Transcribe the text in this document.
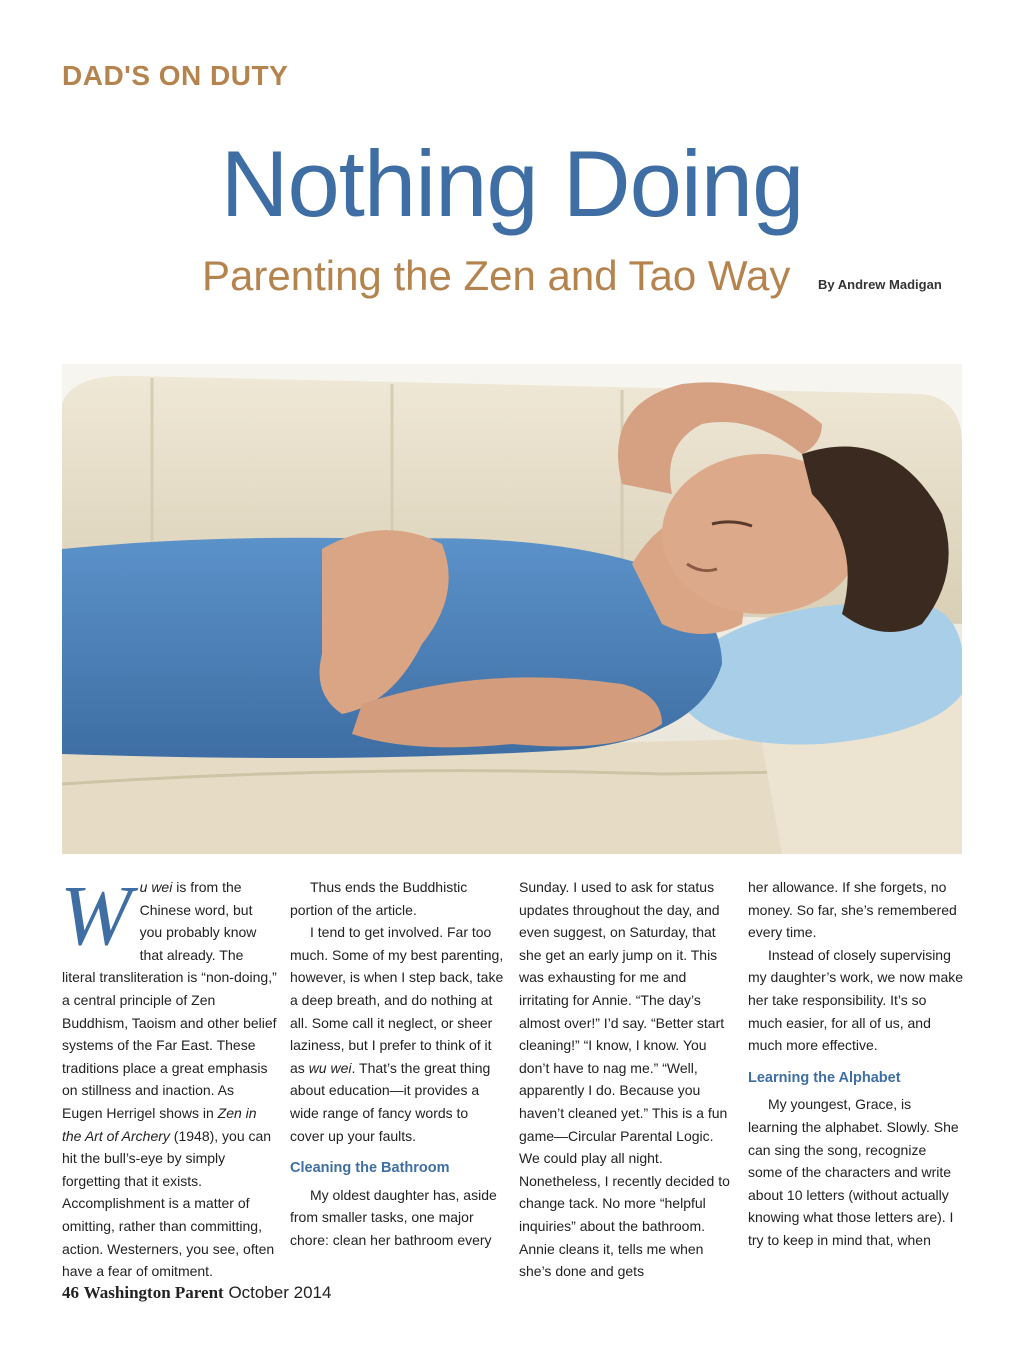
DAD'S ON DUTY
Nothing Doing
Parenting the Zen and Tao Way By Andrew Madigan

Wu wei is from the Chinese word, but you probably know that already. The literal transliteration is “non-doing,” a central principle of Zen Buddhism, Taoism and other belief systems of the Far East. These traditions place a great emphasis on stillness and inaction. As Eugen Herrigel shows in Zen in the Art of Archery (1948), you can hit the bull’s-eye by simply forgetting that it exists. Accomplishment is a matter of omitting, rather than committing, action. Westerners, you see, often have a fear of omitment.

Thus ends the Buddhistic portion of the article.

I tend to get involved. Far too much. Some of my best parenting, however, is when I step back, take a deep breath, and do nothing at all. Some call it neglect, or sheer laziness, but I prefer to think of it as wu wei. That’s the great thing about education—it provides a wide range of fancy words to cover up your faults.

Cleaning the Bathroom

My oldest daughter has, aside from smaller tasks, one major chore: clean her bathroom every

Sunday. I used to ask for status updates throughout the day, and even suggest, on Saturday, that she get an early jump on it. This was exhausting for me and irritating for Annie. “The day’s almost over!” I’d say. “Better start cleaning!” “I know, I know. You don’t have to nag me.” “Well, apparently I do. Because you haven’t cleaned yet.” This is a fun game—Circular Parental Logic. We could play all night. Nonetheless, I recently decided to change tack. No more “helpful inquiries” about the bathroom. Annie cleans it, tells me when she’s done and gets

her allowance. If she forgets, no money. So far, she’s remembered every time.

Instead of closely supervising my daughter’s work, we now make her take responsibility. It’s so much easier, for all of us, and much more effective.

Learning the Alphabet

My youngest, Grace, is learning the alphabet. Slowly. She can sing the song, recognize some of the characters and write about 10 letters (without actually knowing what those letters are). I try to keep in mind that, when

46 Washington Parent October 2014
